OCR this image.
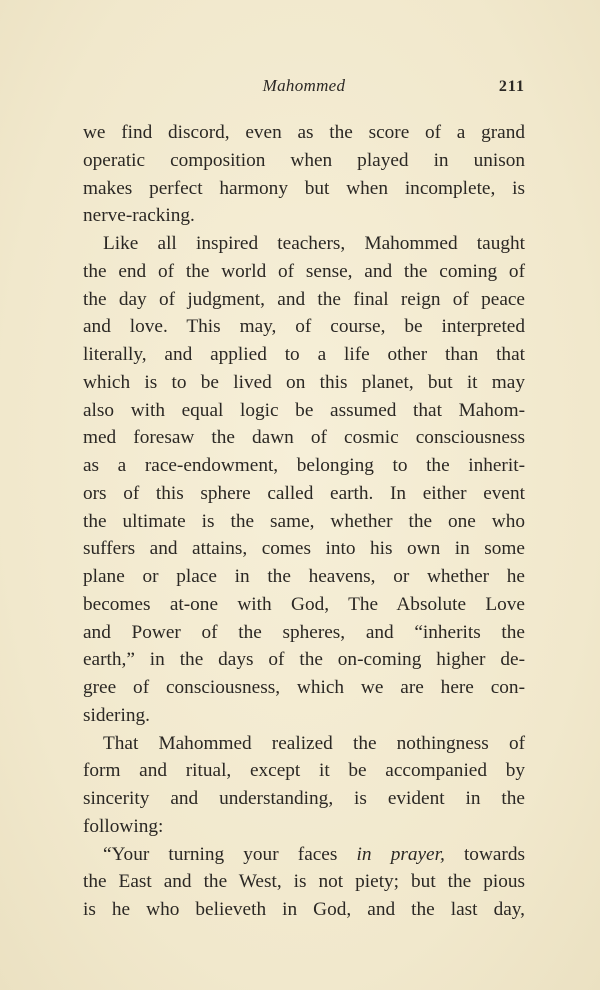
Mahommed	211
we find discord, even as the score of a grand
operatic composition when played in unison
makes perfect harmony but when incomplete, is
nerve-racking.
Like all inspired teachers, Mahommed taught
the end of the world of sense, and the coming of
the day of judgment, and the final reign of peace
and love. This may, of course, be interpreted
literally, and applied to a life other than that
which is to be lived on this planet, but it may
also with equal logic be assumed that Mahom-
med foresaw the dawn of cosmic consciousness
as a race-endowment, belonging to the inherit-
ors of this sphere called earth. In either event
the ultimate is the same, whether the one who
suffers and attains, comes into his own in some
plane or place in the heavens, or whether he
becomes at-one with God, The Absolute Love
and Power of the spheres, and “inherits the
earth,” in the days of the on-coming higher de-
gree of consciousness, which we are here con-
sidering.
That Mahommed realized the nothingness of
form and ritual, except it be accompanied by
sincerity and understanding, is evident in the
following:
“Your turning your faces in prayer, towards
the East and the West, is not piety; but the pious
is he who believeth in God, and the last day,
